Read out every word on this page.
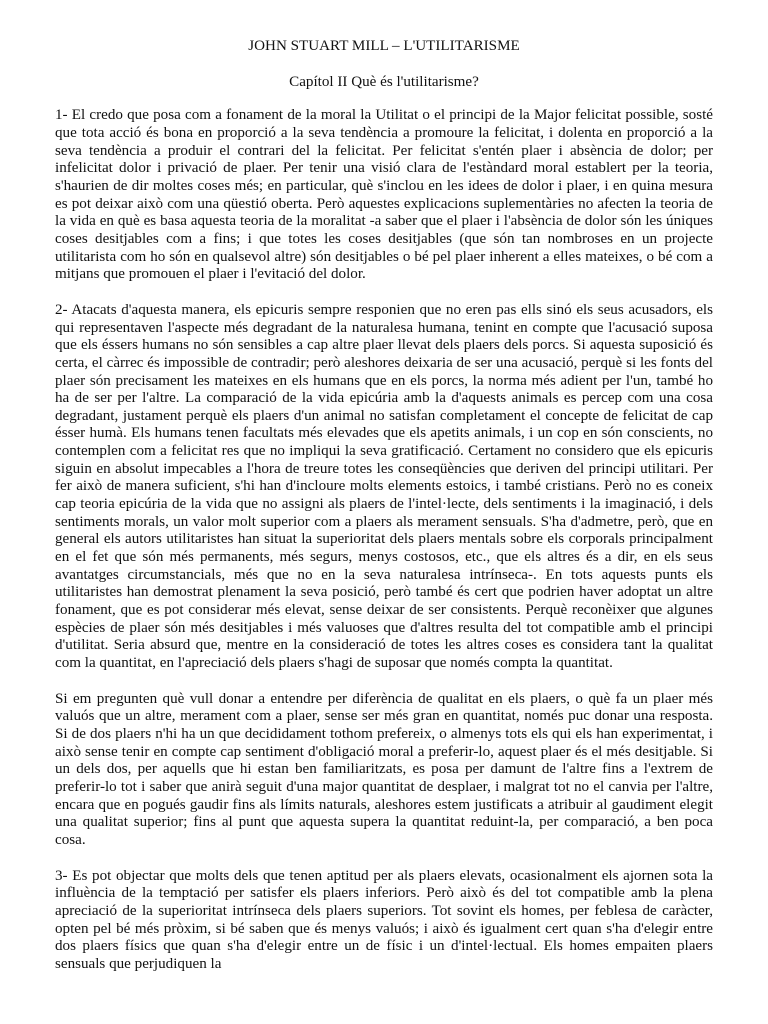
JOHN STUART MILL – L'UTILITARISME
Capítol II Què és l'utilitarisme?

1- El credo que posa com a fonament de la moral la Utilitat o el principi de la Major felicitat possible, sosté que tota acció és bona en proporció a la seva tendència a promoure la felicitat, i dolenta en proporció a la seva tendència a produir el contrari del la felicitat. Per felicitat s'entén plaer i absència de dolor; per infelicitat dolor i privació de plaer. Per tenir una visió clara de l'estàndard moral establert per la teoria, s'haurien de dir moltes coses més; en particular, què s'inclou en les idees de dolor i plaer, i en quina mesura es pot deixar això com una qüestió oberta. Però aquestes explicacions suplementàries no afecten la teoria de la vida en què es basa aquesta teoria de la moralitat -a saber que el plaer i l'absència de dolor són les úniques coses desitjables com a fins; i que totes les coses desitjables (que són tan nombroses en un projecte utilitarista com ho són en qualsevol altre) són desitjables o bé pel plaer inherent a elles mateixes, o bé com a mitjans que promouen el plaer i l'evitació del dolor.

2- Atacats d'aquesta manera, els epicuris sempre responien que no eren pas ells sinó els seus acusadors, els qui representaven l'aspecte més degradant de la naturalesa humana, tenint en compte que l'acusació suposa que els éssers humans no són sensibles a cap altre plaer llevat dels plaers dels porcs. Si aquesta suposició és certa, el càrrec és impossible de contradir; però aleshores deixaria de ser una acusació, perquè si les fonts del plaer són precisament les mateixes en els humans que en els porcs, la norma més adient per l'un, també ho ha de ser per l'altre. La comparació de la vida epicúria amb la d'aquests animals es percep com una cosa degradant, justament perquè els plaers d'un animal no satisfan completament el concepte de felicitat de cap ésser humà. Els humans tenen facultats més elevades que els apetits animals, i un cop en són conscients, no contemplen com a felicitat res que no impliqui la seva gratificació. Certament no considero que els epicuris siguin en absolut impecables a l'hora de treure totes les conseqüències que deriven del principi utilitari. Per fer això de manera suficient, s'hi han d'incloure molts elements estoics, i també cristians. Però no es coneix cap teoria epicúria de la vida que no assigni als plaers de l'intel·lecte, dels sentiments i la imaginació, i dels sentiments morals, un valor molt superior com a plaers als merament sensuals. S'ha d'admetre, però, que en general els autors utilitaristes han situat la superioritat dels plaers mentals sobre els corporals principalment en el fet que són més permanents, més segurs, menys costosos, etc., que els altres és a dir, en els seus avantatges circumstancials, més que no en la seva naturalesa intrínseca-. En tots aquests punts els utilitaristes han demostrat plenament la seva posició, però també és cert que podrien haver adoptat un altre fonament, que es pot considerar més elevat, sense deixar de ser consistents. Perquè reconèixer que algunes espècies de plaer són més desitjables i més valuoses que d'altres resulta del tot compatible amb el principi d'utilitat. Seria absurd que, mentre en la consideració de totes les altres coses es considera tant la qualitat com la quantitat, en l'apreciació dels plaers s'hagi de suposar que només compta la quantitat.

Si em pregunten què vull donar a entendre per diferència de qualitat en els plaers, o què fa un plaer més valuós que un altre, merament com a plaer, sense ser més gran en quantitat, només puc donar una resposta. Si de dos plaers n'hi ha un que decididament tothom prefereix, o almenys tots els qui els han experimentat, i això sense tenir en compte cap sentiment d'obligació moral a preferir-lo, aquest plaer és el més desitjable. Si un dels dos, per aquells que hi estan ben familiaritzats, es posa per damunt de l'altre fins a l'extrem de preferir-lo tot i saber que anirà seguit d'una major quantitat de desplaer, i malgrat tot no el canvia per l'altre, encara que en pogués gaudir fins als límits naturals, aleshores estem justificats a atribuir al gaudiment elegit una qualitat superior; fins al punt que aquesta supera la quantitat reduint-la, per comparació, a ben poca cosa.

3- Es pot objectar que molts dels que tenen aptitud per als plaers elevats, ocasionalment els ajornen sota la influència de la temptació per satisfer els plaers inferiors. Però això és del tot compatible amb la plena apreciació de la superioritat intrínseca dels plaers superiors. Tot sovint els homes, per feblesa de caràcter, opten pel bé més pròxim, si bé saben que és menys valuós; i això és igualment cert quan s'ha d'elegir entre dos plaers físics que quan s'ha d'elegir entre un de físic i un d'intel·lectual. Els homes empaiten plaers sensuals que perjudiquen la
